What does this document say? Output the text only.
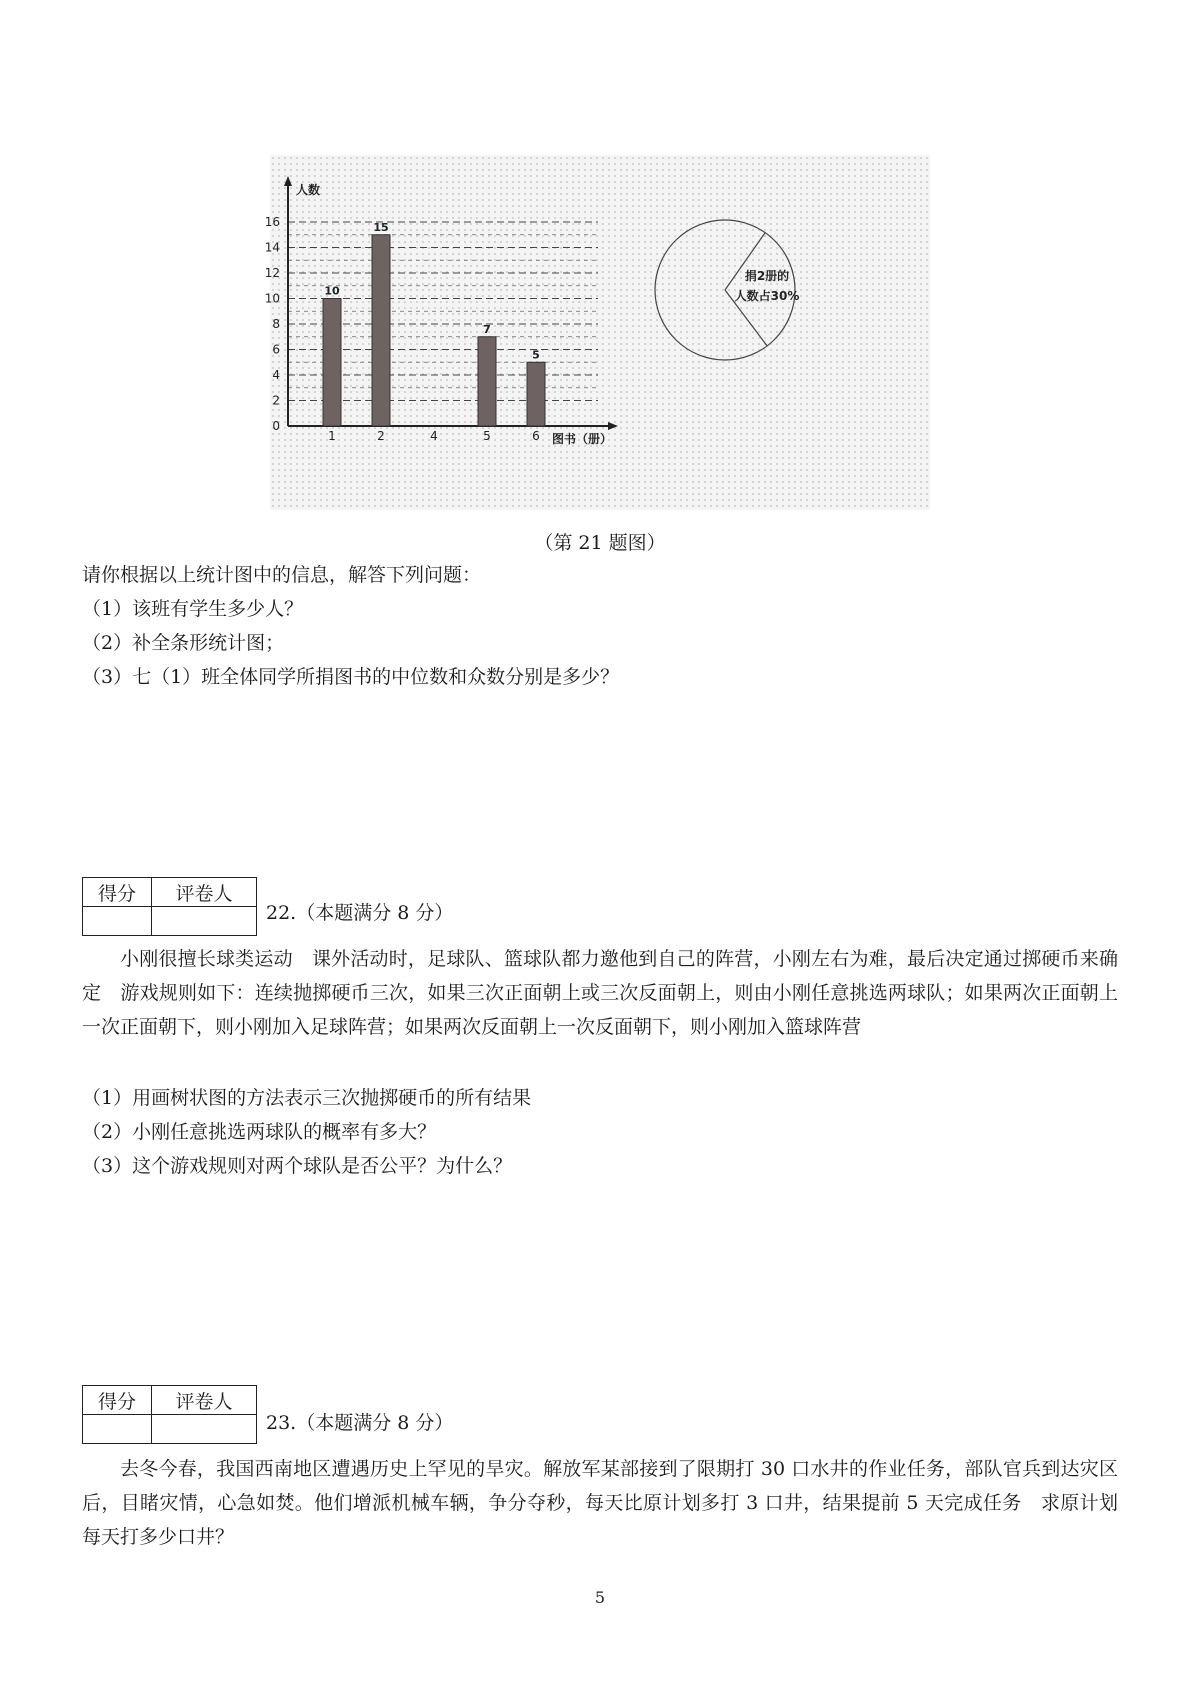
0
2
4
6
8
10
12
14
16
人数
图书（册）
10
1
15
2	4
7
5
5
6
捐2册的
人数占30%
（第 21 题图）
请你根据以上统计图中的信息，解答下列问题：
（1）该班有学生多少人？
（2）补全条形统计图；
（3）七（1）班全体同学所捐图书的中位数和众数分别是多少？
得分	评卷人

22.（本题满分 8 分）
小刚很擅长球类运动　课外活动时，足球队、篮球队都力邀他到自己的阵营，小刚左右为难，最后决定通过掷硬币来确定　游戏规则如下：连续抛掷硬币三次，如果三次正面朝上或三次反面朝上，则由小刚任意挑选两球队；如果两次正面朝上一次正面朝下，则小刚加入足球阵营；如果两次反面朝上一次反面朝下，则小刚加入篮球阵营
（1）用画树状图的方法表示三次抛掷硬币的所有结果
（2）小刚任意挑选两球队的概率有多大？
（3）这个游戏规则对两个球队是否公平？为什么？
得分	评卷人

23.（本题满分 8 分）
去冬今春，我国西南地区遭遇历史上罕见的旱灾。解放军某部接到了限期打 30 口水井的作业任务，部队官兵到达灾区后，目睹灾情，心急如焚。他们增派机械车辆，争分夺秒，每天比原计划多打 3 口井，结果提前 5 天完成任务　求原计划每天打多少口井？
5
